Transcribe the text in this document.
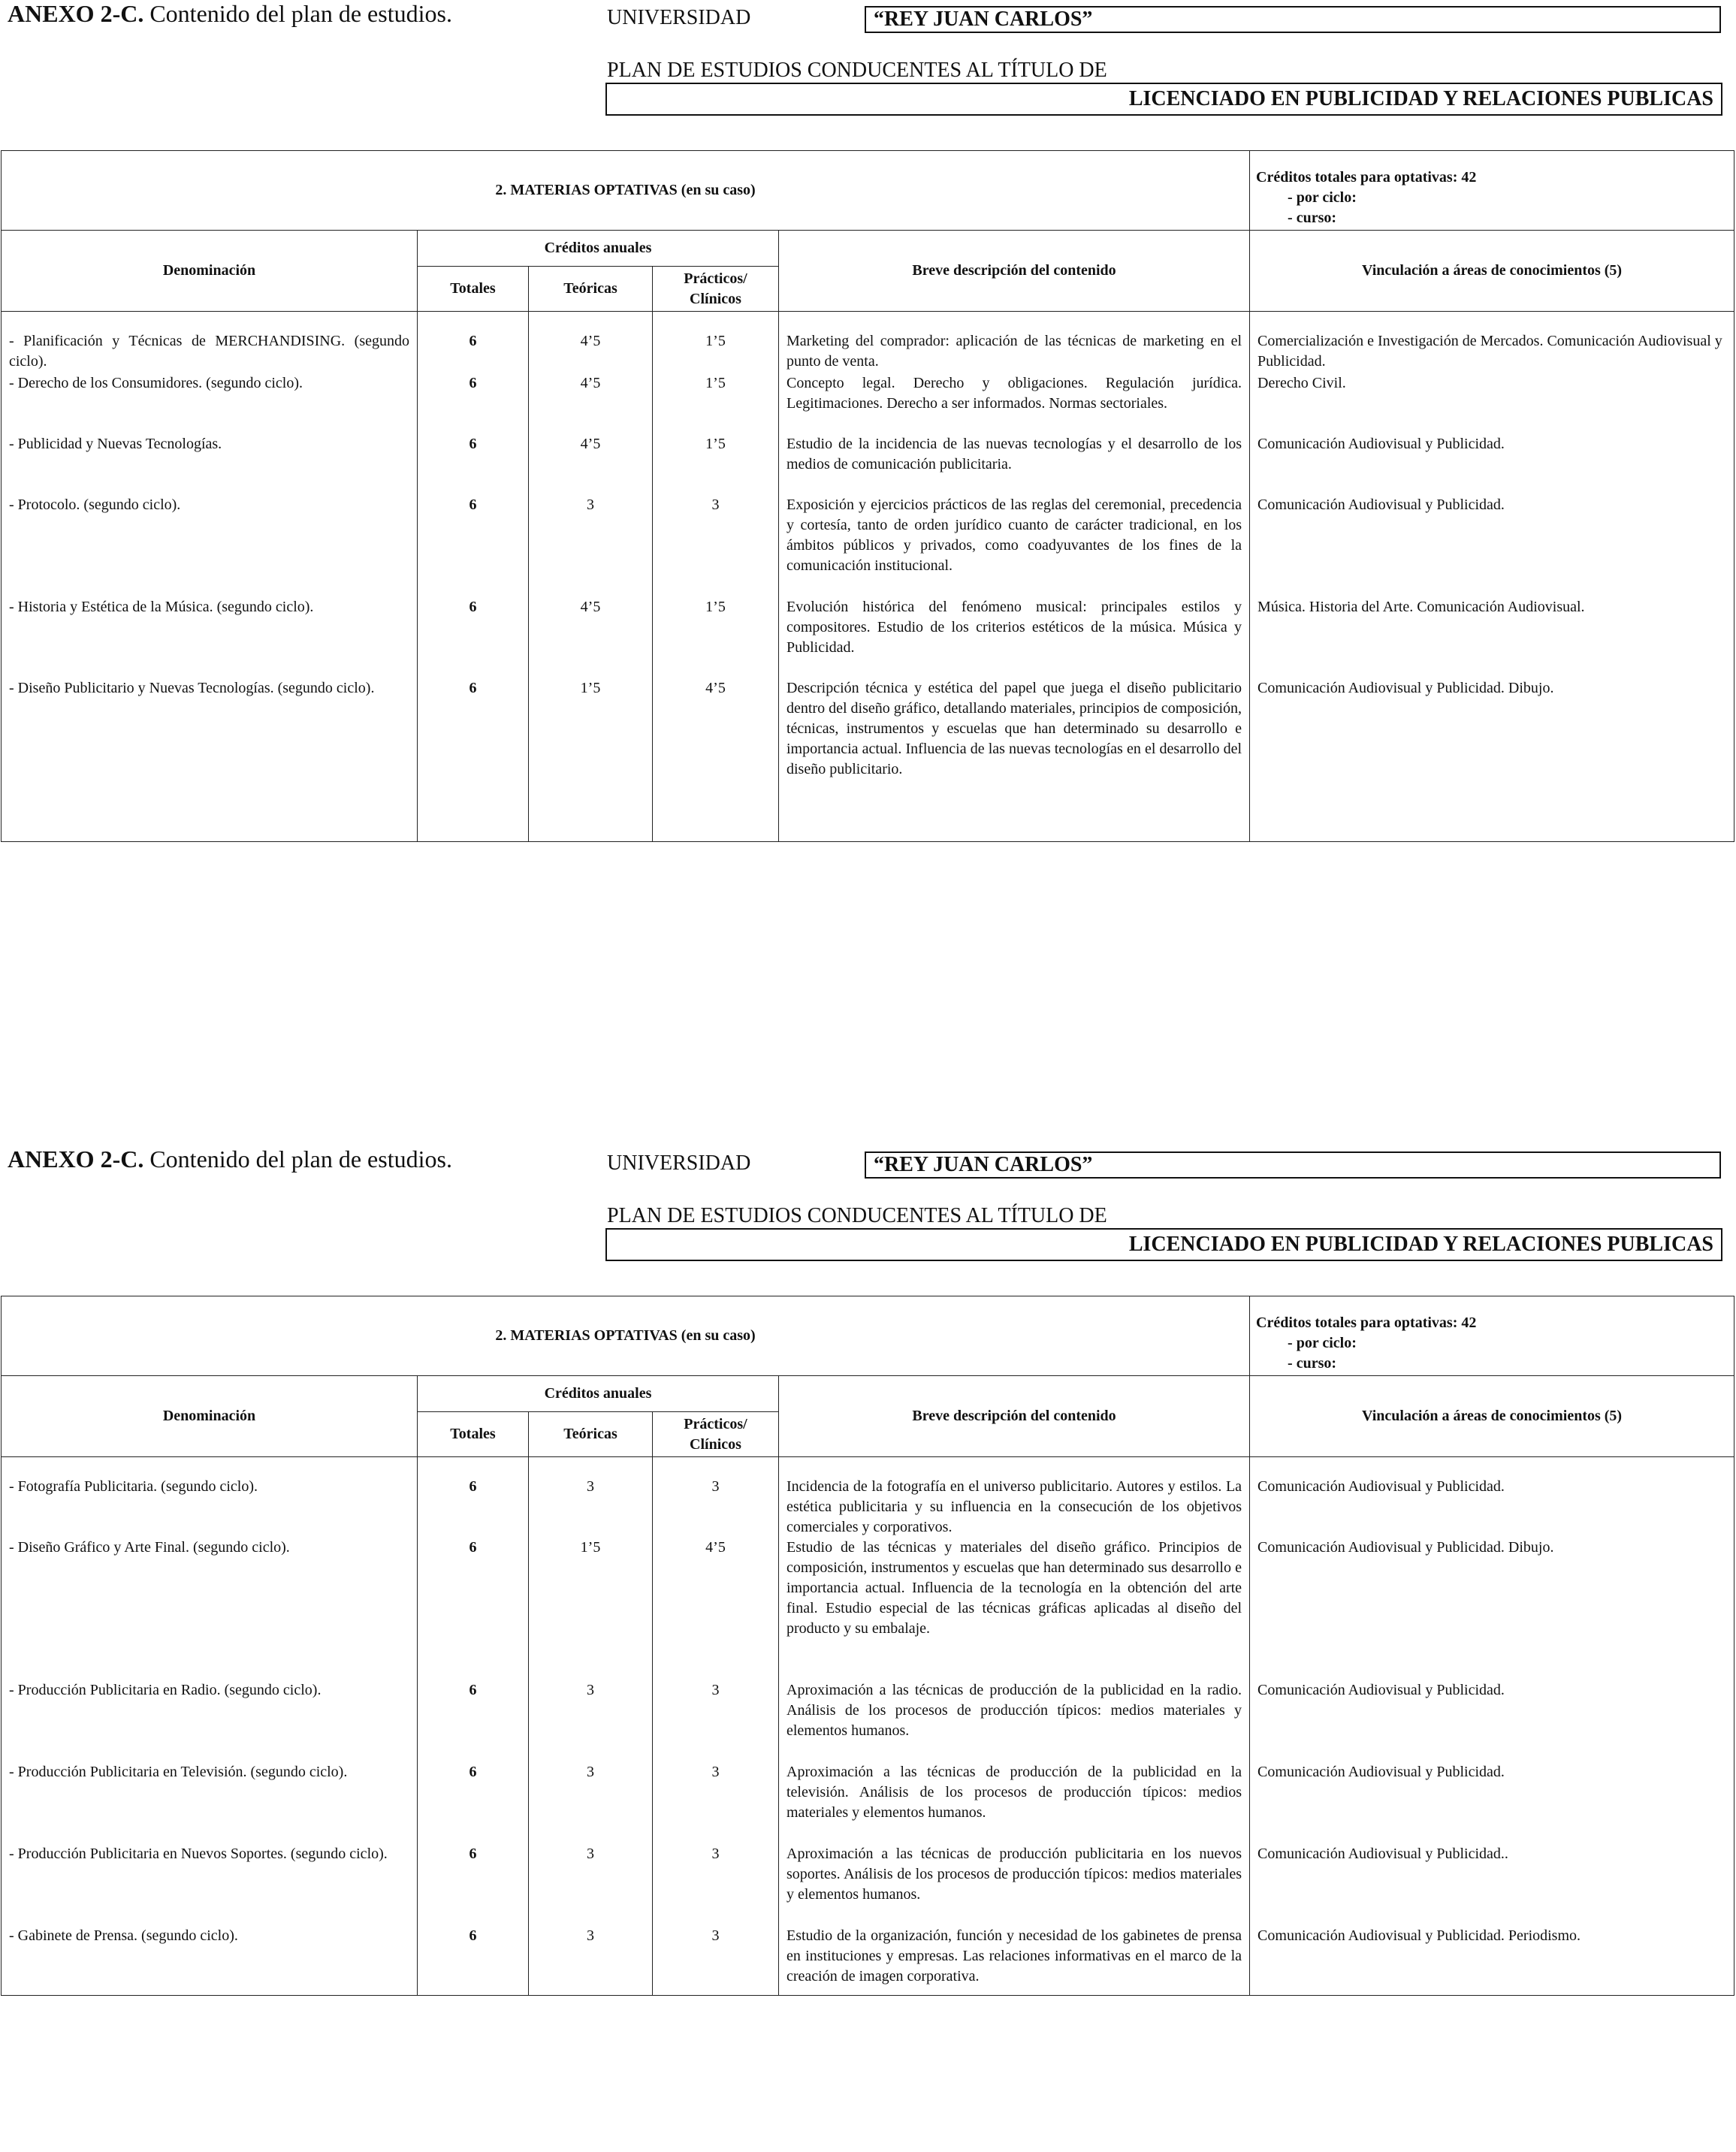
ANEXO 2-C. Contenido del plan de estudios.	UNIVERSIDAD	“REY JUAN CARLOS”
PLAN DE ESTUDIOS CONDUCENTES AL TÍTULO DE
LICENCIADO EN PUBLICIDAD Y RELACIONES PUBLICAS
2. MATERIAS OPTATIVAS (en su caso)					Créditos totales para optativas: 42
- por ciclo:
- curso:

Denominación	Créditos anuales			Breve descripción del contenido	Vinculación a áreas de conocimientos (5)
	Totales	Teóricas	Prácticos/ Clínicos		
- Planificación y Técnicas de MERCHANDISING. (segundo ciclo).	6	4’5	1’5	Marketing del comprador: aplicación de las técnicas de marketing en el punto de venta.	Comercialización e Investigación de Mercados. Comunicación Audiovisual y Publicidad.
- Derecho de los Consumidores. (segundo ciclo).	6	4’5	1’5	Concepto legal. Derecho y obligaciones. Regulación jurídica. Legitimaciones. Derecho a ser informados. Normas sectoriales.	Derecho Civil.
- Publicidad y Nuevas Tecnologías.	6	4’5	1’5	Estudio de la incidencia de las nuevas tecnologías y el desarrollo de los medios de comunicación publicitaria.	Comunicación Audiovisual y Publicidad.
- Protocolo. (segundo ciclo).	6	3	3	Exposición y ejercicios prácticos de las reglas del ceremonial, precedencia y cortesía, tanto de orden jurídico cuanto de carácter tradicional, en los ámbitos públicos y privados, como coadyuvantes de los fines de la comunicación institucional.	Comunicación Audiovisual y Publicidad.
- Historia y Estética de la Música. (segundo ciclo).	6	4’5	1’5	Evolución histórica del fenómeno musical: principales estilos y compositores. Estudio de los criterios estéticos de la música. Música y Publicidad.	Música. Historia del Arte. Comunicación Audiovisual.
- Diseño Publicitario y Nuevas Tecnologías. (segundo ciclo).	6	1’5	4’5	Descripción técnica y estética del papel que juega el diseño publicitario dentro del diseño gráfico, detallando materiales, principios de composición, técnicas, instrumentos y escuelas que han determinado su desarrollo e importancia actual. Influencia de las nuevas tecnologías en el desarrollo del diseño publicitario.	Comunicación Audiovisual y Publicidad. Dibujo.
ANEXO 2-C. Contenido del plan de estudios.	UNIVERSIDAD	“REY JUAN CARLOS”
PLAN DE ESTUDIOS CONDUCENTES AL TÍTULO DE
LICENCIADO EN PUBLICIDAD Y RELACIONES PUBLICAS
2. MATERIAS OPTATIVAS (en su caso)					Créditos totales para optativas: 42
- por ciclo:
- curso:

Denominación	Créditos anuales			Breve descripción del contenido	Vinculación a áreas de conocimientos (5)
	Totales	Teóricas	Prácticos/ Clínicos		
- Fotografía Publicitaria. (segundo ciclo).	6	3	3	Incidencia de la fotografía en el universo publicitario. Autores y estilos. La estética publicitaria y su influencia en la consecución de los objetivos comerciales y corporativos.	Comunicación Audiovisual y Publicidad.
- Diseño Gráfico y Arte Final. (segundo ciclo).	6	1’5	4’5	Estudio de las técnicas y materiales del diseño gráfico. Principios de composición, instrumentos y escuelas que han determinado sus desarrollo e importancia actual. Influencia de la tecnología en la obtención del arte final. Estudio especial de las técnicas gráficas aplicadas al diseño del producto y su embalaje.	Comunicación Audiovisual y Publicidad. Dibujo.
- Producción Publicitaria en Radio. (segundo ciclo).	6	3	3	Aproximación a las técnicas de producción de la publicidad en la radio. Análisis de los procesos de producción típicos: medios materiales y elementos humanos.	Comunicación Audiovisual y Publicidad.
- Producción Publicitaria en Televisión. (segundo ciclo).	6	3	3	Aproximación a las técnicas de producción de la publicidad en la televisión. Análisis de los procesos de producción típicos: medios materiales y elementos humanos.	Comunicación Audiovisual y Publicidad.
- Producción Publicitaria en Nuevos Soportes. (segundo ciclo).	6	3	3	Aproximación a las técnicas de producción publicitaria en los nuevos soportes. Análisis de los procesos de producción típicos: medios materiales y elementos humanos.	Comunicación Audiovisual y Publicidad..
- Gabinete de Prensa. (segundo ciclo).	6	3	3	Estudio de la organización, función y necesidad de los gabinetes de prensa en instituciones y empresas. Las relaciones informativas en el marco de la creación de imagen corporativa.	Comunicación Audiovisual y Publicidad. Periodismo.
